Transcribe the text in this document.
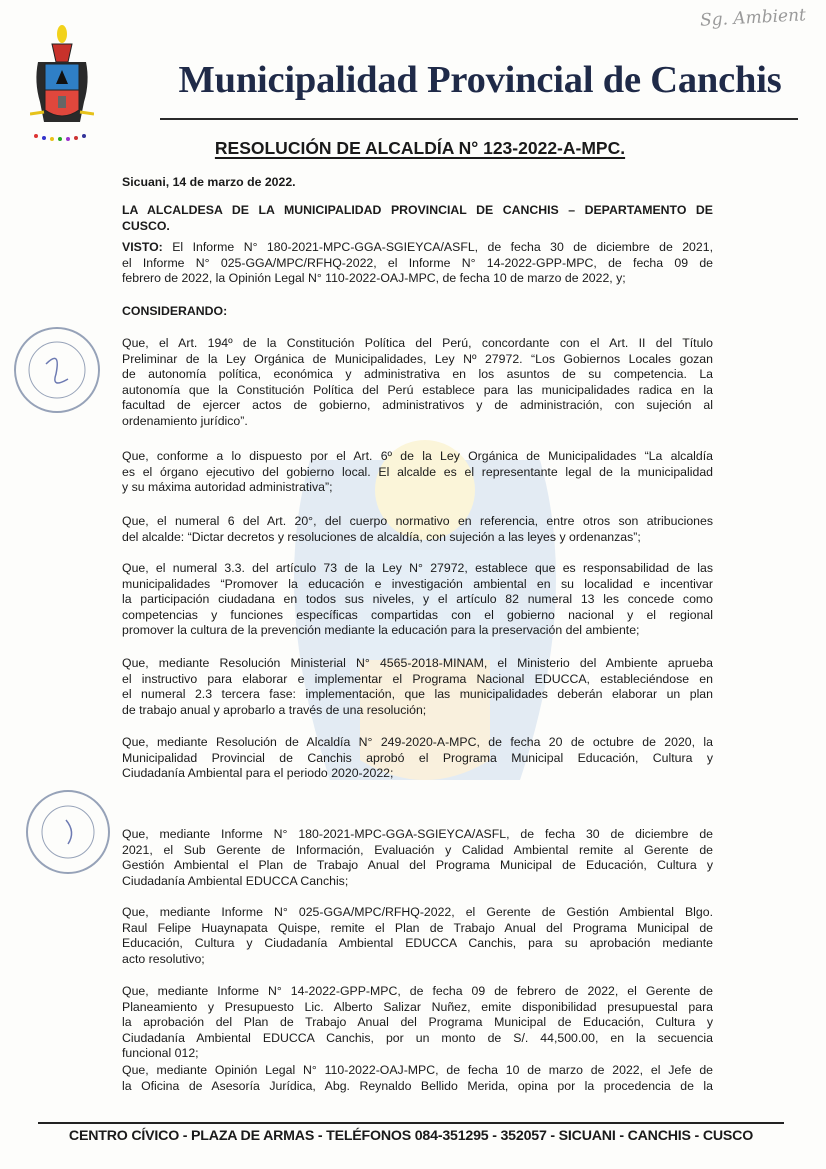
Sg. Ambient
Municipalidad Provincial de Canchis
RESOLUCIÓN DE ALCALDÍA N° 123-2022-A-MPC.
Sicuani, 14 de marzo de 2022.
LA ALCALDESA DE LA MUNICIPALIDAD PROVINCIAL DE CANCHIS – DEPARTAMENTO DE
CUSCO.
VISTO: El Informe N° 180-2021-MPC-GGA-SGIEYCA/ASFL, de fecha 30 de diciembre de 2021,
el Informe N° 025-GGA/MPC/RFHQ-2022, el Informe N° 14-2022-GPP-MPC, de fecha 09 de
febrero de 2022, la Opinión Legal N° 110-2022-OAJ-MPC, de fecha 10 de marzo de 2022, y;
CONSIDERANDO:
Que, el Art. 194º de la Constitución Política del Perú, concordante con el Art. II del Título
Preliminar de la Ley Orgánica de Municipalidades, Ley Nº 27972. “Los Gobiernos Locales gozan
de autonomía política, económica y administrativa en los asuntos de su competencia. La
autonomía que la Constitución Política del Perú establece para las municipalidades radica en la
facultad de ejercer actos de gobierno, administrativos y de administración, con sujeción al
ordenamiento jurídico”.
Que, conforme a lo dispuesto por el Art. 6º de la Ley Orgánica de Municipalidades “La alcaldía
es el órgano ejecutivo del gobierno local. El alcalde es el representante legal de la municipalidad
y su máxima autoridad administrativa”;
Que, el numeral 6 del Art. 20°, del cuerpo normativo en referencia, entre otros son atribuciones
del alcalde: “Dictar decretos y resoluciones de alcaldía, con sujeción a las leyes y ordenanzas”;
Que, el numeral 3.3. del artículo 73 de la Ley N° 27972, establece que es responsabilidad de las
municipalidades “Promover la educación e investigación ambiental en su localidad e incentivar
la participación ciudadana en todos sus niveles, y el artículo 82 numeral 13 les concede como
competencias y funciones específicas compartidas con el gobierno nacional y el regional
promover la cultura de la prevención mediante la educación para la preservación del ambiente;
Que, mediante Resolución Ministerial N° 4565-2018-MINAM, el Ministerio del Ambiente aprueba
el instructivo para elaborar e implementar el Programa Nacional EDUCCA, estableciéndose en
el numeral 2.3 tercera fase: implementación, que las municipalidades deberán elaborar un plan
de trabajo anual y aprobarlo a través de una resolución;
Que, mediante Resolución de Alcaldía N° 249-2020-A-MPC, de fecha 20 de octubre de 2020, la
Municipalidad Provincial de Canchis aprobó el Programa Municipal Educación, Cultura y
Ciudadanía Ambiental para el periodo 2020-2022;
Que, mediante Informe N° 180-2021-MPC-GGA-SGIEYCA/ASFL, de fecha 30 de diciembre de
2021, el Sub Gerente de Información, Evaluación y Calidad Ambiental remite al Gerente de
Gestión Ambiental el Plan de Trabajo Anual del Programa Municipal de Educación, Cultura y
Ciudadanía Ambiental EDUCCA Canchis;
Que, mediante Informe N° 025-GGA/MPC/RFHQ-2022, el Gerente de Gestión Ambiental Blgo.
Raul Felipe Huaynapata Quispe, remite el Plan de Trabajo Anual del Programa Municipal de
Educación, Cultura y Ciudadanía Ambiental EDUCCA Canchis, para su aprobación mediante
acto resolutivo;
Que, mediante Informe N° 14-2022-GPP-MPC, de fecha 09 de febrero de 2022, el Gerente de
Planeamiento y Presupuesto Lic. Alberto Salizar Nuñez, emite disponibilidad presupuestal para
la aprobación del Plan de Trabajo Anual del Programa Municipal de Educación, Cultura y
Ciudadanía Ambiental EDUCCA Canchis, por un monto de S/. 44,500.00, en la secuencia
funcional 012;
Que, mediante Opinión Legal N° 110-2022-OAJ-MPC, de fecha 10 de marzo de 2022, el Jefe de
la Oficina de Asesoría Jurídica, Abg. Reynaldo Bellido Merida, opina por la procedencia de la
CENTRO CÍVICO - PLAZA DE ARMAS - TELÉFONOS 084-351295 - 352057 - SICUANI - CANCHIS - CUSCO
